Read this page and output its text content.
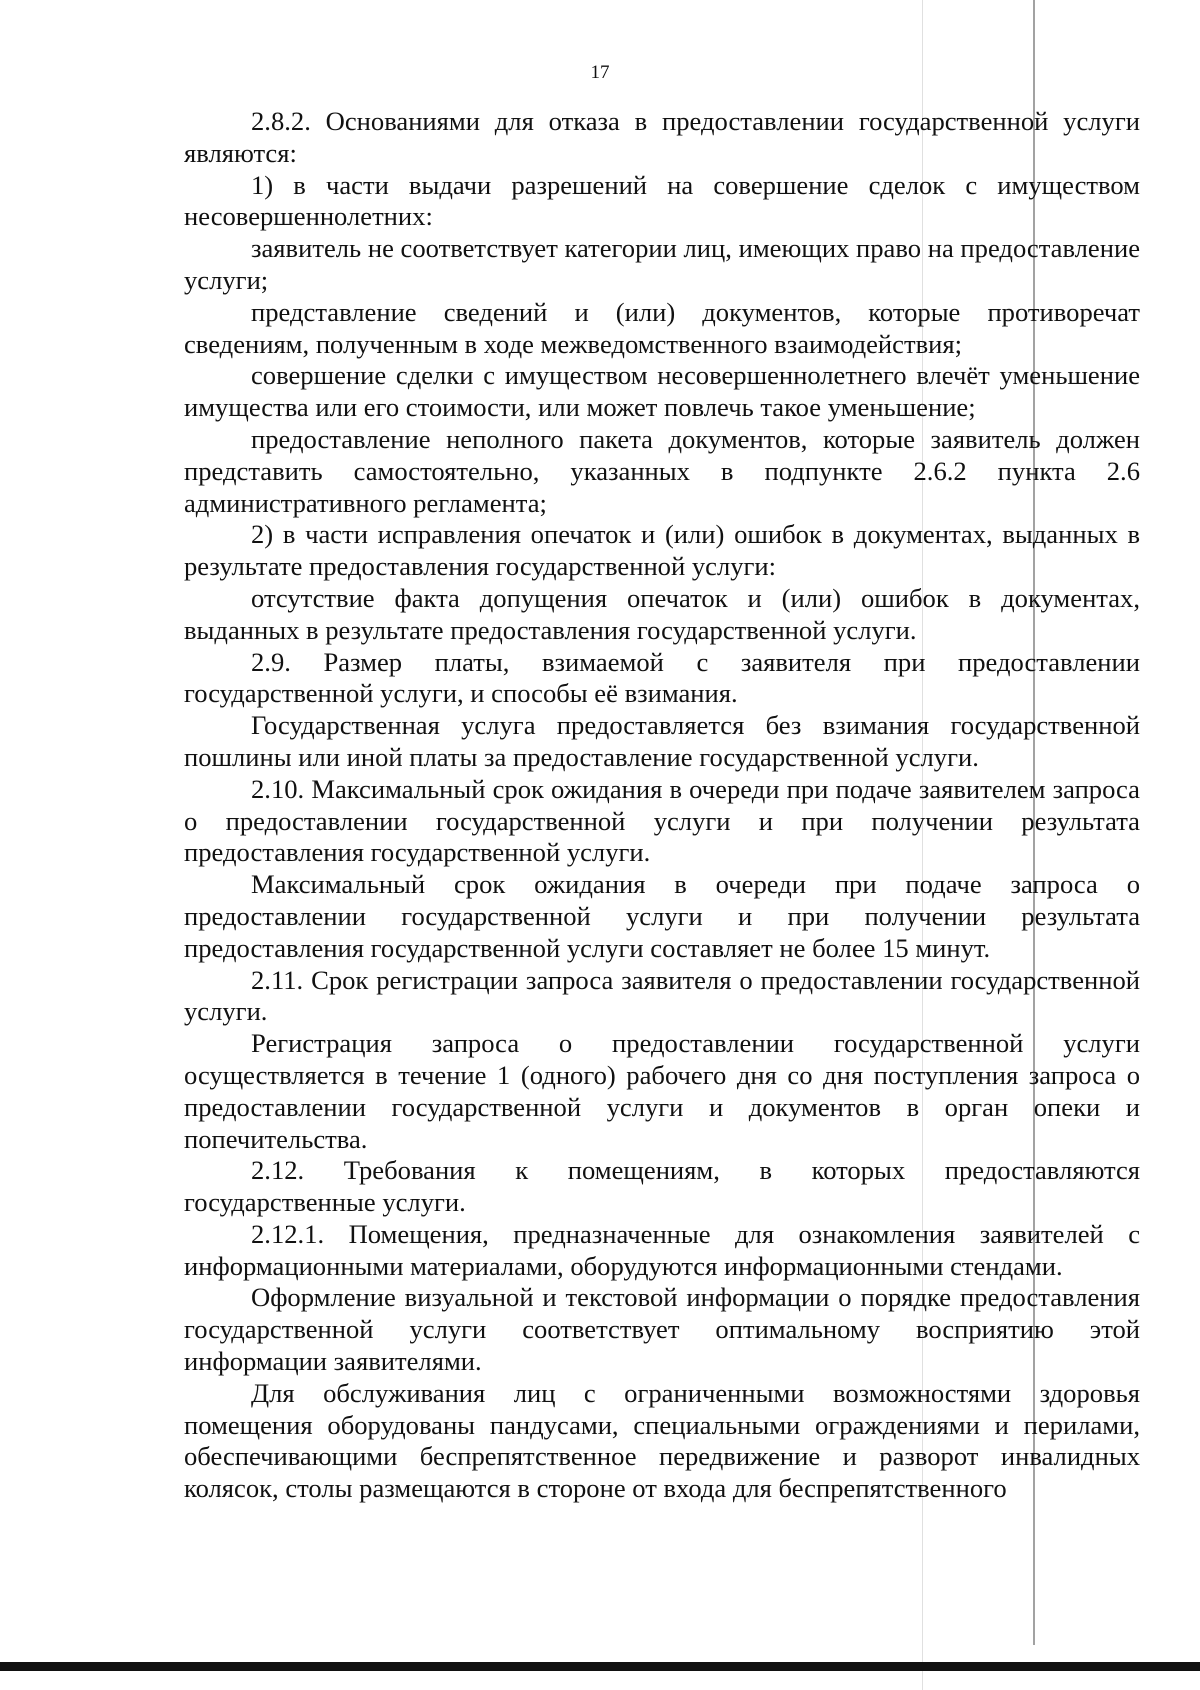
17

2.8.2. Основаниями для отказа в предоставлении государственной услуги являются:

1) в части выдачи разрешений на совершение сделок с имуществом несовершеннолетних:

заявитель не соответствует категории лиц, имеющих право на предоставление услуги;

представление сведений и (или) документов, которые противоречат сведениям, полученным в ходе межведомственного взаимодействия;

совершение сделки с имуществом несовершеннолетнего влечёт уменьшение имущества или его стоимости, или может повлечь такое уменьшение;

предоставление неполного пакета документов, которые заявитель должен представить самостоятельно, указанных в подпункте 2.6.2 пункта 2.6 административного регламента;

2) в части исправления опечаток и (или) ошибок в документах, выданных в результате предоставления государственной услуги:

отсутствие факта допущения опечаток и (или) ошибок в документах, выданных в результате предоставления государственной услуги.

2.9. Размер платы, взимаемой с заявителя при предоставлении государственной услуги, и способы её взимания.

Государственная услуга предоставляется без взимания государственной пошлины или иной платы за предоставление государственной услуги.

2.10. Максимальный срок ожидания в очереди при подаче заявителем запроса о предоставлении государственной услуги и при получении результата предоставления государственной услуги.

Максимальный срок ожидания в очереди при подаче запроса о предоставлении государственной услуги и при получении результата предоставления государственной услуги составляет не более 15 минут.

2.11. Срок регистрации запроса заявителя о предоставлении государственной услуги.

Регистрация запроса о предоставлении государственной услуги осуществляется в течение 1 (одного) рабочего дня со дня поступления запроса о предоставлении государственной услуги и документов в орган опеки и попечительства.

2.12. Требования к помещениям, в которых предоставляются государственные услуги.

2.12.1. Помещения, предназначенные для ознакомления заявителей с информационными материалами, оборудуются информационными стендами.

Оформление визуальной и текстовой информации о порядке предоставления государственной услуги соответствует оптимальному восприятию этой информации заявителями.

Для обслуживания лиц с ограниченными возможностями здоровья помещения оборудованы пандусами, специальными ограждениями и перилами, обеспечивающими беспрепятственное передвижение и разворот инвалидных колясок, столы размещаются в стороне от входа для беспрепятственного
